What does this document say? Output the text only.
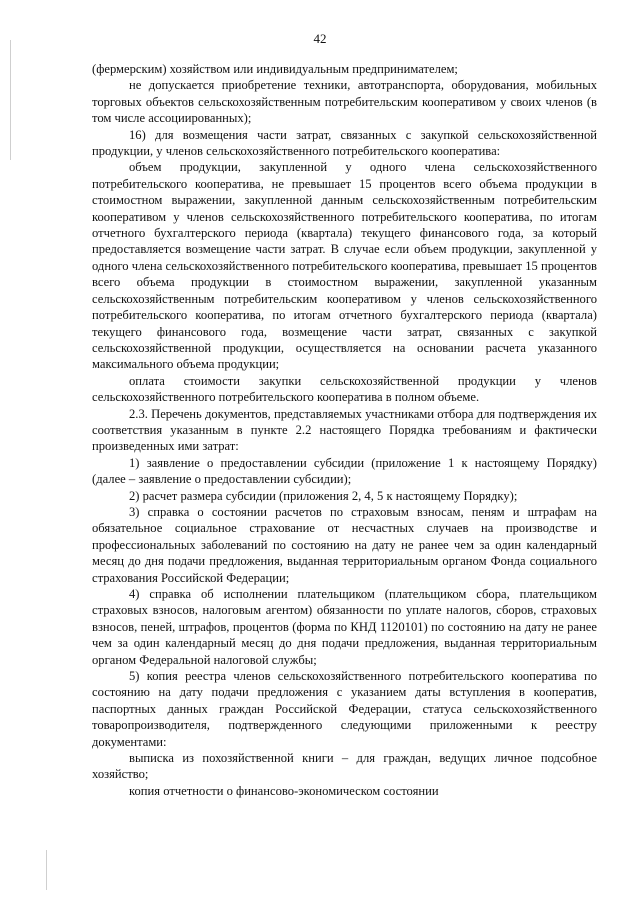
42

(фермерским) хозяйством или индивидуальным предпринимателем;

не допускается приобретение техники, автотранспорта, оборудования, мобильных торговых объектов сельскохозяйственным потребительским кооперативом у своих членов (в том числе ассоциированных);

16) для возмещения части затрат, связанных с закупкой сельскохозяйственной продукции, у членов сельскохозяйственного потребительского кооператива:

объем продукции, закупленной у одного члена сельскохозяйственного потребительского кооператива, не превышает 15 процентов всего объема продукции в стоимостном выражении, закупленной данным сельскохозяйственным потребительским кооперативом у членов сельскохозяйственного потребительского кооператива, по итогам отчетного бухгалтерского периода (квартала) текущего финансового года, за который предоставляется возмещение части затрат. В случае если объем продукции, закупленной у одного члена сельскохозяйственного потребительского кооператива, превышает 15 процентов всего объема продукции в стоимостном выражении, закупленной указанным сельскохозяйственным потребительским кооперативом у членов сельскохозяйственного потребительского кооператива, по итогам отчетного бухгалтерского периода (квартала) текущего финансового года, возмещение части затрат, связанных с закупкой сельскохозяйственной продукции, осуществляется на основании расчета указанного максимального объема продукции;

оплата стоимости закупки сельскохозяйственной продукции у членов сельскохозяйственного потребительского кооператива в полном объеме.

2.3. Перечень документов, представляемых участниками отбора для подтверждения их соответствия указанным в пункте 2.2 настоящего Порядка требованиям и фактически произведенных ими затрат:

1) заявление о предоставлении субсидии (приложение 1 к настоящему Порядку) (далее – заявление о предоставлении субсидии);

2) расчет размера субсидии (приложения 2, 4, 5 к настоящему Порядку);

3) справка о состоянии расчетов по страховым взносам, пеням и штрафам на обязательное социальное страхование от несчастных случаев на производстве и профессиональных заболеваний по состоянию на дату не ранее чем за один календарный месяц до дня подачи предложения, выданная территориальным органом Фонда социального страхования Российской Федерации;

4) справка об исполнении плательщиком (плательщиком сбора, плательщиком страховых взносов, налоговым агентом) обязанности по уплате налогов, сборов, страховых взносов, пеней, штрафов, процентов (форма по КНД 1120101) по состоянию на дату не ранее чем за один календарный месяц до дня подачи предложения, выданная территориальным органом Федеральной налоговой службы;

5) копия реестра членов сельскохозяйственного потребительского кооператива по состоянию на дату подачи предложения с указанием даты вступления в кооператив, паспортных данных граждан Российской Федерации, статуса сельскохозяйственного товаропроизводителя, подтвержденного следующими приложенными к реестру документами:

выписка из похозяйственной книги – для граждан, ведущих личное подсобное хозяйство;

копия отчетности о финансово-экономическом состоянии
